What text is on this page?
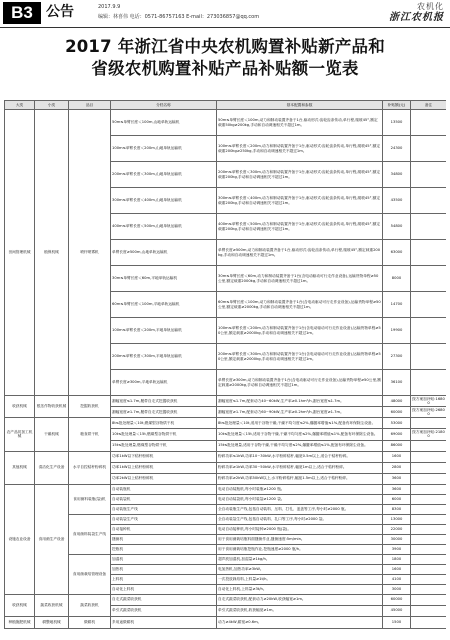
B3 公告	2017.9.9
编辑：林喜伟 电话：0571-86757163 E-mail：273036857@qq.com
农机化
浙江农机报
2017 年浙江省中央农机购置补贴新产品和
省级农机购置补贴产品补贴额一览表
大类	小类	品目	分档名称	基本配置和参数	补贴额(元)	备注
田间管理机械	植保机械	喷杆喷雾机	50m≤单臂长度＜100m,山地单轨运输机	50m≤单臂长度＜100m,动力和制动装置齐备于1台,驱动形式:齿轮齿条传动,单行程,爬坡45°,额定载重50kg≥200kg,手动和自动调速相关不超过1m。	13500	
			100m≤单臂长度＜200m,山地单轨运输机	100m≤单臂长度＜200m,动力和制动装置齐备于1台,驱动形式:齿轮齿条传动,单行程,爬坡45°,额定载重200kg≥250kg,手动和自动调速相关不超过1m。	24300	
			200m≤单臂长度＜300m,山地单轨运输机	200m≤单臂长度＜300m,动力和制动装置齐备于1台,驱动形式:齿轮齿条传动,单行程,爬坡45°,额定载重200kg,手动和自动调速相关不超过1m。	34800	
			300m≤单臂长度＜400m,山地单轨运输机	300m≤单臂长度＜400m,动力和制动装置齐备于1台,驱动形式:齿轮齿条传动,单行程,爬坡45°,额定载重200kg,手动和自动调速相关不超过1m。	43500	
			400m≤单臂长度＜500m,山地单轨运输机	400m≤单臂长度＜500m,动力和制动装置齐备于1台,驱动形式:齿轮齿条传动,单行程,爬坡45°,额定载重200kg,手动和自动调速相关不超过1m。	54800	
			单臂长度≥500m,山地单轨运输机	单臂长度≥500m,动力和制动装置齐备于1台,驱动形式:齿轮齿条传动,单行程,爬坡45°,额定载重200kg,手动和自动调速相关不超过1m。	63000	
			30m≤单臂长度＜60m,平地单轨运输机	30m≤单臂长度＜60m,动力和制动装置齐备于1台(含电动驱动可行走作业设备),运输货物单程≥50公里,额定载重2000kg,手动和自动调速相关不超过1m。	8000	
			60m≤单臂长度＜100m,平地单轨运输机	60m≤单臂长度＜100m,动力和制动装置齐备于1台(含电动驱动可行走作业设备),运输货物单程≥50公里,额定载重≥2000kg,手动和自动调速相关不超过1m。	14700	
			100m≤单臂长度＜200m,平地单轨运输机	100m≤单臂长度＜200m,动力和制动装置齐备于1台(含电动驱动可行走作业设备),运输货物单程≥50公里,额定载重≥2000kg,手动和自动调速相关不超过1m。	19900	
			200m≤单臂长度＜300m,平地单轨运输机	200m≤单臂长度＜300m,动力和制动装置齐备于1台(含电动驱动可行走作业设备),运输货物单程≥50公里,额定载重≥2000kg,手动和自动调速相关不超过1m。	27300	
			单臂长度≥300m,平地单轨运输机	单臂长度≥300m,动力和制动装置齐备于1台(含电动驱动可行走作业设备),运输货物单程≥50公里,额定载重≥2000kg,手动和自动调速相关不超过1m。	36100	
收获机械	根茎作物收获机械	挖掘收获机	割幅宽度≤1.7m,履带自走式挖掘收获机	割幅宽度≤1.7m,配套动力40~60kW,生产率≥0.1hm²/h,割台宽度≤1.7m。	48000	按方案加补贴:16800
			割幅宽度≥1.7m,履带自走式挖掘收获机	割幅宽度≥1.7m,配套动力60~90kW,生产率≥0.2hm²/h,割台宽度≥1.7m。	60000	按方案加补贴:26800
农产品初加工机械	干燥机械	粮食烘干机	8t≤批处理量＜10t,燃煤型谷物烘干机	8t≤批处理量＜10t,适用于谷物干燥,干燥不均匀度≤2%,爆腰率增值≤1%,配备有环保除尘设备。	53000	
			10t≤批处理量＜15t,燃煤型谷物烘干机	10t≤批处理量＜15t,适用于谷物干燥,干燥不均匀度≤2%,爆腰率增值≤1%,配备有环保除尘设备。	69000	按方案加补贴:21800
			15t≤批处理量,燃煤型谷物烘干机	15t≤批处理量,适用于谷物干燥,干燥不均匀度≤2%,爆腰率增值≤1%,配备有环保除尘设备。	86000	
其他机械	清洁化生产设备	水平自控秸秆粉碎机	功率1kW以下秸秆粉碎机	粉碎功率≤1kW,功率10~30kW,水平粉碎秸秆,幅宽0.5m以上,适合于秸秆粉碎。	1600	
			功率1kW以上秸秆粉碎机	粉碎功率≥1kW,功率30~50kW,水平粉碎秸秆,幅宽1m以上,适合于秸秆粉碎。	2800	
			功率2kW以上秸秆粉碎机	粉碎功率≥2kW,功率50kW以上,水平粉碎秸秆,幅宽1.5m以上,适合于秸秆粉碎。	3600	
设施农业设备	食用菌生产设备	食用菌料装瓶(袋)机	自动装瓶机	电动自动装瓶机,每小时装瓶≥1200 瓶。	3600	
			自动装袋机	电动自动装袋机,每小时装袋≥1200 袋。	6000	
			自动装瓶生产线	全自动装瓶生产线,包括自动装料、压料、打孔、盖盖等工序,每小时≥2000 瓶。	8300	
		食用菌料装袋生产线	自动装袋生产线	全自动装袋生产线,包括自动装料、扎口等工序,每小时≥2000 袋。	13000	
			自动接种机	电动自动接种机,每小时接种≥2000 瓶(袋)。	22000	
			搔菌机	用于食用菌栽培瓶料面搔菌作业,搔菌速度:5m/min。	30000	
			挖瓶机	用于食用菌栽培瓶挖瓶作业,挖瓶速度≥2000 瓶/h。	3900	
		食用菌栽培管理设备	加湿机	超声波加湿机,加湿量≥1kg/h。	1800	
			加热机	电加热机,加热功率≥3kW。	1600	
			上料机	一次投放栽培料,上料量≥1t/h。	4100	
			自动化上料机	自动化上料机,上料量≥3t/h。	3000	
收获机械	蔬菜收获机械	蔬菜收获机	自走式蔬菜收获机	自走式蔬菜收获机,配套动力≥20kW,收获幅宽≥1m。	60000	
			牵引式蔬菜收获机	牵引式蔬菜收获机,收获幅宽≥1m。	45000	
种植施肥机械	耕整地机械	微耕机	多用途微耕机	动力≥4kW,耕宽≥0.6m。	1500	
